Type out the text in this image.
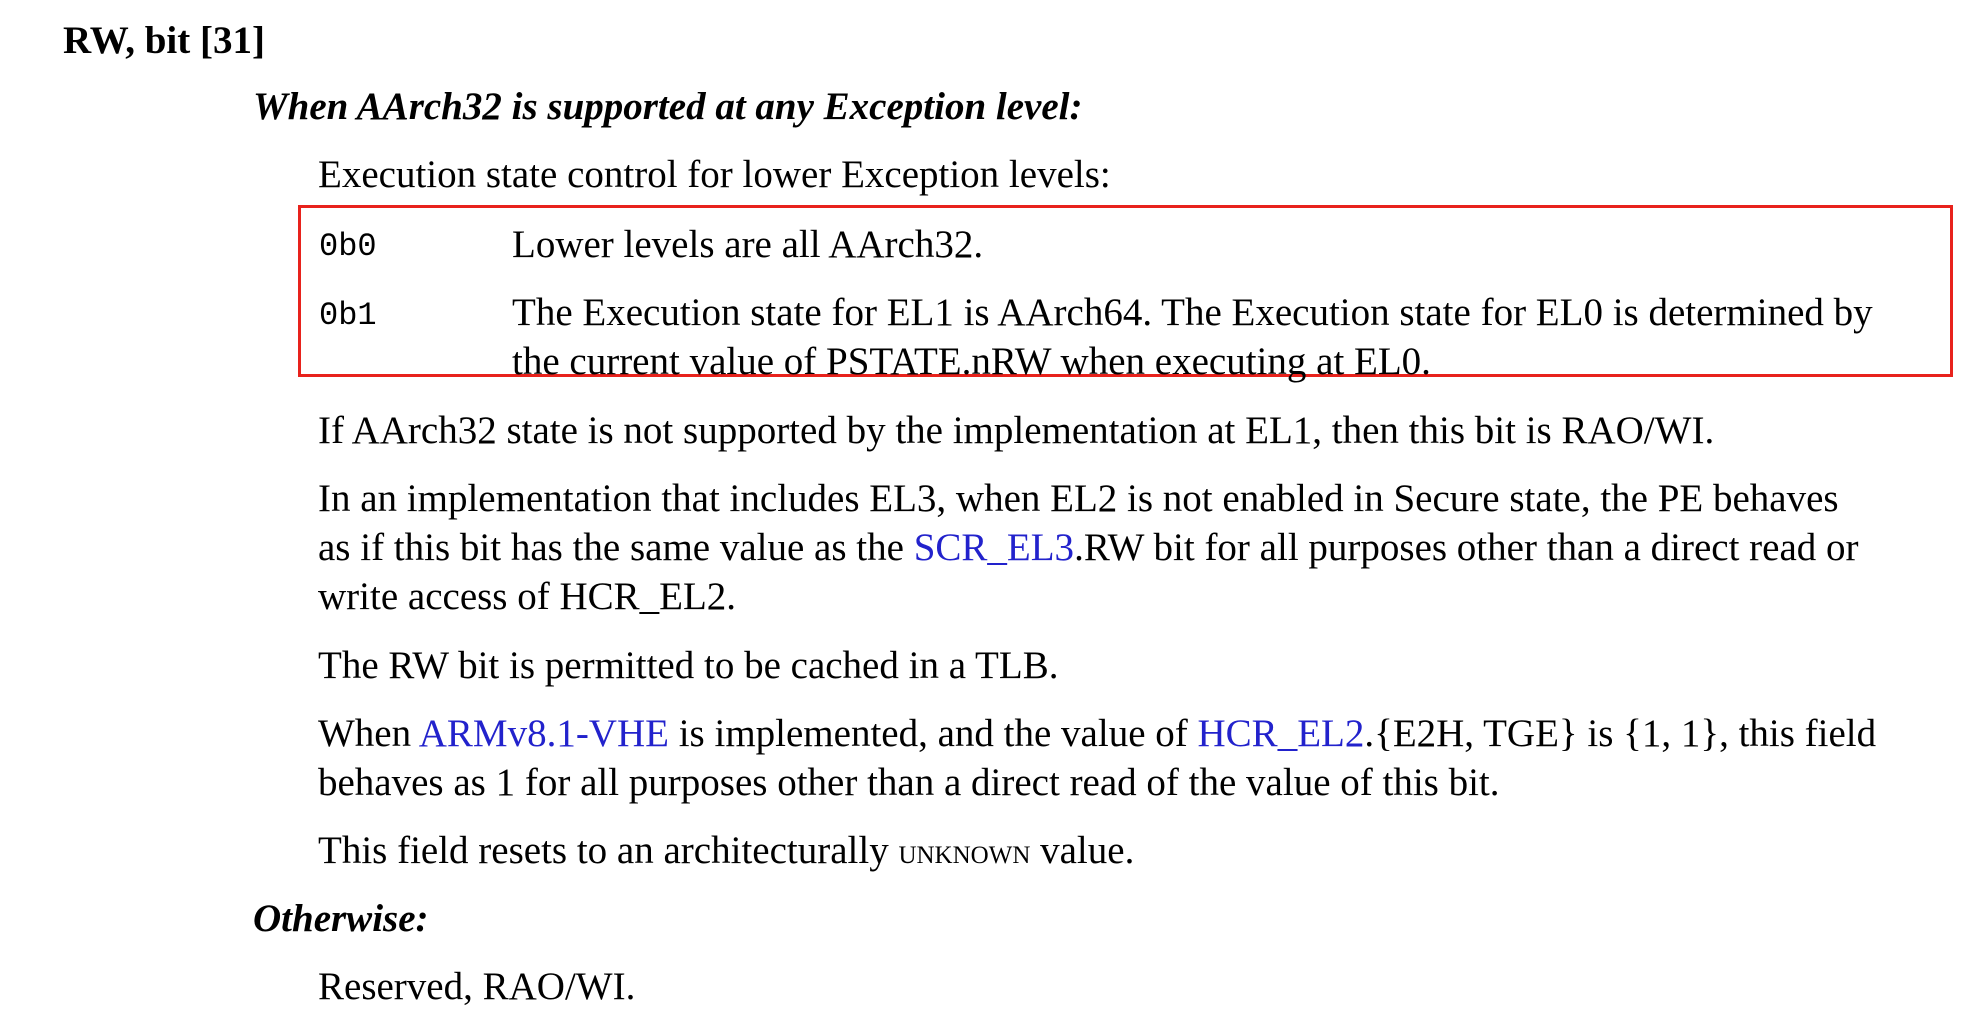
RW, bit [31]
When AArch32 is supported at any Exception level:
Execution state control for lower Exception levels:
0b0	Lower levels are all AArch32.
0b1	The Execution state for EL1 is AArch64. The Execution state for EL0 is determined by
the current value of PSTATE.nRW when executing at EL0.
If AArch32 state is not supported by the implementation at EL1, then this bit is RAO/WI.
In an implementation that includes EL3, when EL2 is not enabled in Secure state, the PE behaves
as if this bit has the same value as the SCR_EL3.RW bit for all purposes other than a direct read or
write access of HCR_EL2.
The RW bit is permitted to be cached in a TLB.
When ARMv8.1-VHE is implemented, and the value of HCR_EL2.{E2H, TGE} is {1, 1}, this field
behaves as 1 for all purposes other than a direct read of the value of this bit.
This field resets to an architecturally unknown value.
Otherwise:
Reserved, RAO/WI.
